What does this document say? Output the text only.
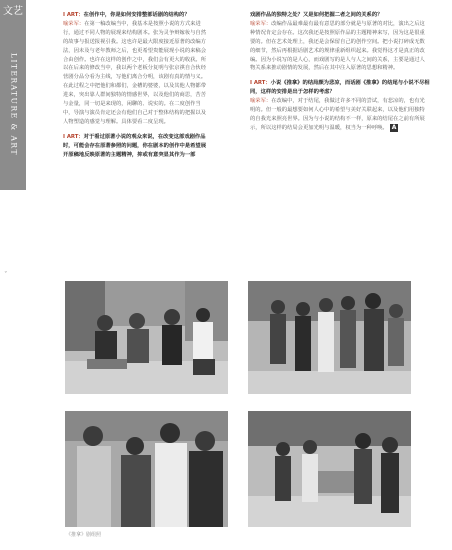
文艺
LITERATURE & ART
ˇ

I ART：在创作中，你是如何安排整部话剧的结构的？

喻荣军：在第一稿改编当中，我基本是按照小说的方式来进行，通过不同人物的展现来结构剧本。张为灵争辩嫁妆与自然的故事与报送报视引我。这也许是最大限度接近原著的改编方法，因未及与老年教师之后，也更希望贵能展现小说的来稿会合由创作。也许在这样的创作之中，我们会有更大的收获。所以在后来的修改当中，我以两个老板分复明与张京祺自合伙经营剧分品分看为主线，写他们离合分明，该剧有真的情与义。在此过程之中把他们和都们，金槽的婆婆，以及其他人物都带进来，突出靠人群间独特的情感世界，以及他们的商思，苦苦与金量，同一切是来现的，闲聊的、说实的。在二度创作当中，导演与演员肯定还会有他们自己对于整体结构的把握以及人物塑造的感觉与理解。具体要看二度呈现。

I ART：对于看过原著小说的观众来说，在改变这部戏剧作品时，可能会存在原著参照的问题，你在剧本的创作中是希望展开原稿地反映原著的主题精神，抑或有意突显其作为一部

戏剧作品的独特之处？又是如何把握二者之间的关系的？

喻荣军：改编作品最难最有最有意思的部分就是与原著的对比，演出之后这种情况肯定会存在。这次我还是按照原作品的主题精神来写，因为这是很重要的。但在艺术处理上，我还是会保留自己的创作空间。把小说打碎成无数的细节，然后再根据话剧艺术的规律重新组织起来。我觉得这才是真正的改编。因为小说写的是人心，而戏剧写的是人与人之间的关系，主要是通过人物关系来推动剧情的发展，然后在其中注入原著的思想和精神。

I ART：小说《推拿》的结局颇为悲凉，而话剧《推拿》的结尾与小说不尽相同，这样的安排是出于怎样的考虑？

喻荣军：在改编中，对于结尾，我做过许多不同的尝试，有悲凉的，也有光明的。但一般的最想要如何人心中的希望与美好关联起来，以及他们用独特的自我光来照亮世界。因为与小说的结构不一样，原来的结尾在之前有所展示，所以这样的结局会更加光明与温暖，权当为一种呼唤。 A

《推拿》剧组照
